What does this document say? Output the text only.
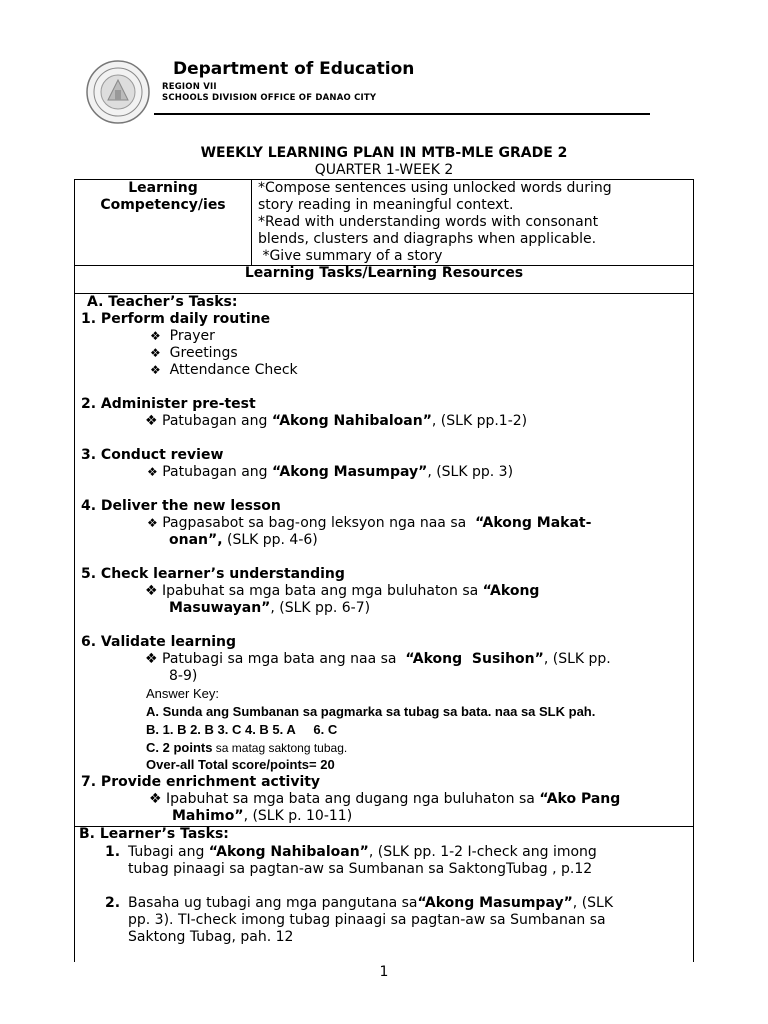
Department of Education
REGION VII
SCHOOLS DIVISION OFFICE OF DANAO CITY
WEEKLY LEARNING PLAN IN MTB-MLE GRADE 2
QUARTER 1-WEEK 2
Learning
Competency/ies
*Compose sentences using unlocked words during
story reading in meaningful context.
*Read with understanding words with consonant
blends, clusters and diagraphs when applicable.
*Give summary of a story
Learning Tasks/Learning Resources
A. Teacher’s Tasks:
1. Perform daily routine
❖ Prayer
❖ Greetings
❖ Attendance Check
2. Administer pre-test
❖ Patubagan ang “Akong Nahibaloan”, (SLK pp.1-2)
3. Conduct review
❖ Patubagan ang “Akong Masumpay”, (SLK pp. 3)
4. Deliver the new lesson
❖ Pagpasabot sa bag-ong leksyon nga naa sa  “Akong Makat-
onan”, (SLK pp. 4-6)
5. Check learner’s understanding
❖ Ipabuhat sa mga bata ang mga buluhaton sa “Akong
Masuwayan”, (SLK pp. 6-7)
6. Validate learning
❖ Patubagi sa mga bata ang naa sa  “Akong  Susihon”, (SLK pp.
8-9)
Answer Key:
A. Sunda ang Sumbanan sa pagmarka sa tubag sa bata. naa sa SLK pah.
B. 1. B 2. B 3. C 4. B 5. A     6. C
C. 2 points sa matag saktong tubag.
Over-all Total score/points= 20
7. Provide enrichment activity
❖ Ipabuhat sa mga bata ang dugang nga buluhaton sa “Ako Pang
Mahimo”, (SLK p. 10-11)
B. Learner’s Tasks:
1. Tubagi ang “Akong Nahibaloan”, (SLK pp. 1-2 I-check ang imong
tubag pinaagi sa pagtan-aw sa Sumbanan sa SaktongTubag , p.12
2. Basaha ug tubagi ang mga pangutana sa“Akong Masumpay”, (SLK
pp. 3). TI-check imong tubag pinaagi sa pagtan-aw sa Sumbanan sa
Saktong Tubag, pah. 12
1
